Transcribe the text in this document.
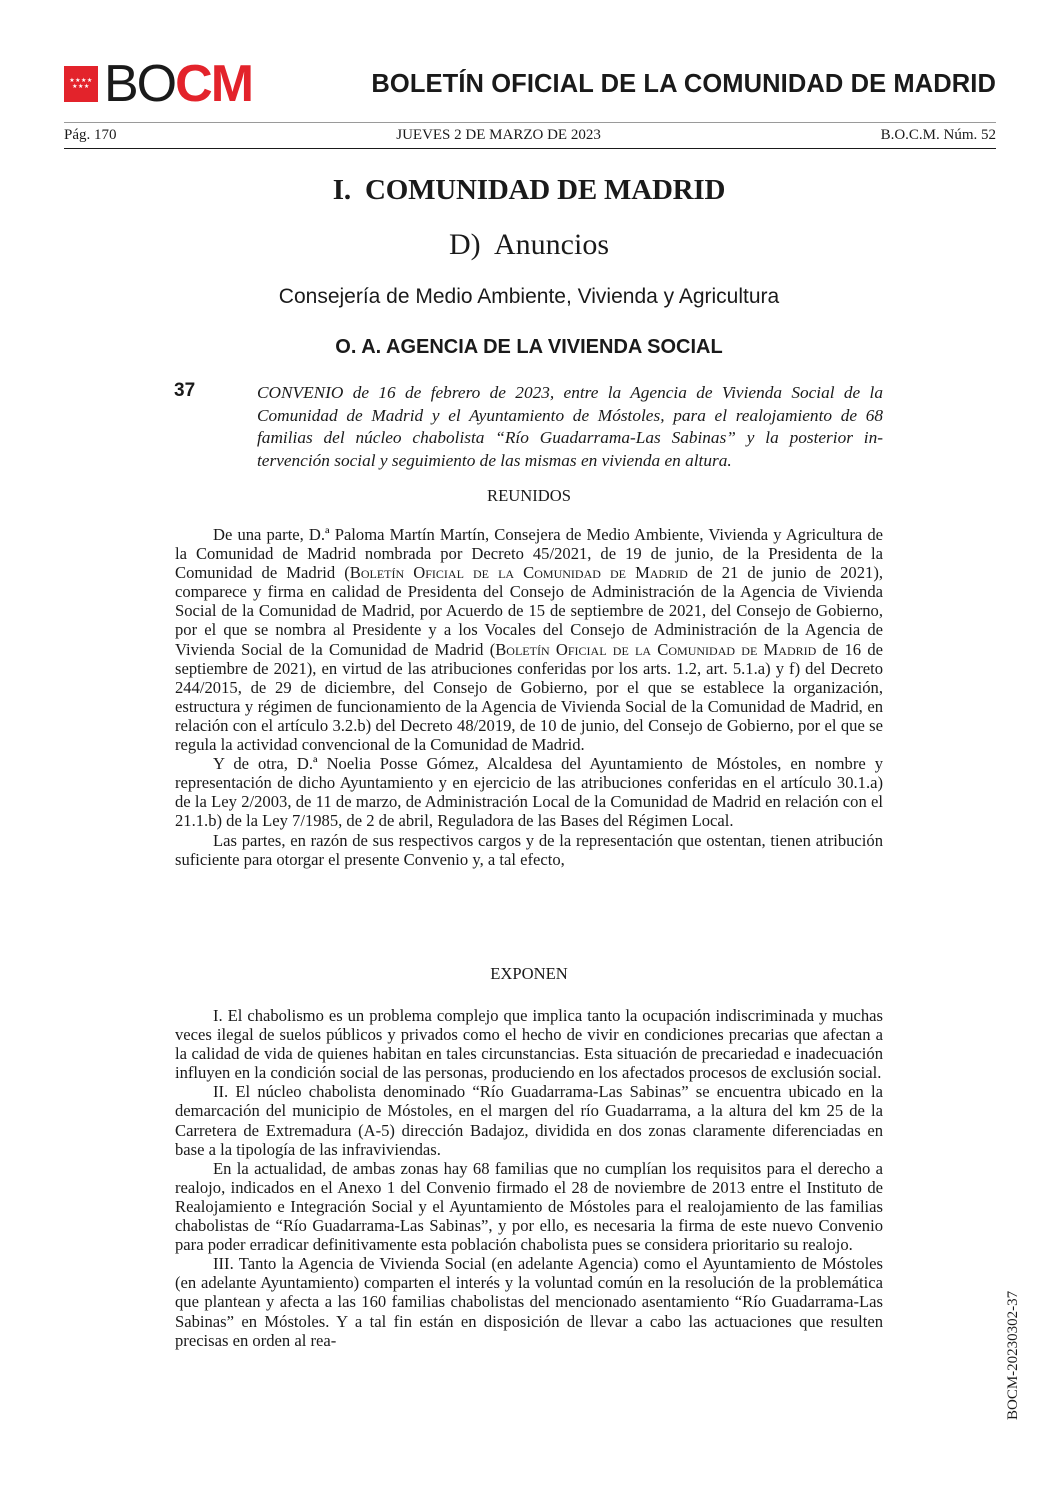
★★★★
★★★ BOCM	BOLETÍN OFICIAL DE LA COMUNIDAD DE MADRID
Pág. 170	JUEVES 2 DE MARZO DE 2023	B.O.C.M. Núm. 52
I.  COMUNIDAD DE MADRID
D)  Anuncios
Consejería de Medio Ambiente, Vivienda y Agricultura
O. A. AGENCIA DE LA VIVIENDA SOCIAL
37	CONVENIO de 16 de febrero de 2023, entre la Agencia de Vivienda Social de la Comunidad de Madrid y el Ayuntamiento de Móstoles, para el realojamiento de 68 familias del núcleo chabolista “Río Guadarrama-Las Sabinas” y la posterior intervención social y seguimiento de las mismas en vivienda en altura.
REUNIDOS

De una parte, D.ª Paloma Martín Martín, Consejera de Medio Ambiente, Vivienda y Agricultura de la Comunidad de Madrid nombrada por Decreto 45/2021, de 19 de junio, de la Presidenta de la Comunidad de Madrid (Boletín Oficial de la Comunidad de Madrid de 21 de junio de 2021), comparece y firma en calidad de Presidenta del Consejo de Administración de la Agencia de Vivienda Social de la Comunidad de Madrid, por Acuerdo de 15 de septiembre de 2021, del Consejo de Gobierno, por el que se nombra al Presidente y a los Vocales del Consejo de Administración de la Agencia de Vivienda Social de la Comunidad de Madrid (Boletín Oficial de la Comunidad de Madrid de 16 de septiembre de 2021), en virtud de las atribuciones conferidas por los arts. 1.2, art. 5.1.a) y f) del Decreto 244/2015, de 29 de diciembre, del Consejo de Gobierno, por el que se establece la organización, estructura y régimen de funcionamiento de la Agencia de Vivienda Social de la Comunidad de Madrid, en relación con el artículo 3.2.b) del Decreto 48/2019, de 10 de junio, del Consejo de Gobierno, por el que se regula la actividad convencional de la Comunidad de Madrid.

Y de otra, D.ª Noelia Posse Gómez, Alcaldesa del Ayuntamiento de Móstoles, en nombre y representación de dicho Ayuntamiento y en ejercicio de las atribuciones conferidas en el artículo 30.1.a) de la Ley 2/2003, de 11 de marzo, de Administración Local de la Comunidad de Madrid en relación con el 21.1.b) de la Ley 7/1985, de 2 de abril, Reguladora de las Bases del Régimen Local.

Las partes, en razón de sus respectivos cargos y de la representación que ostentan, tienen atribución suficiente para otorgar el presente Convenio y, a tal efecto,

EXPONEN

I. El chabolismo es un problema complejo que implica tanto la ocupación indiscriminada y muchas veces ilegal de suelos públicos y privados como el hecho de vivir en condiciones precarias que afectan a la calidad de vida de quienes habitan en tales circunstancias. Esta situación de precariedad e inadecuación influyen en la condición social de las personas, produciendo en los afectados procesos de exclusión social.

II. El núcleo chabolista denominado “Río Guadarrama-Las Sabinas” se encuentra ubicado en la demarcación del municipio de Móstoles, en el margen del río Guadarrama, a la altura del km 25 de la Carretera de Extremadura (A-5) dirección Badajoz, dividida en dos zonas claramente diferenciadas en base a la tipología de las infraviviendas.

En la actualidad, de ambas zonas hay 68 familias que no cumplían los requisitos para el derecho a realojo, indicados en el Anexo 1 del Convenio firmado el 28 de noviembre de 2013 entre el Instituto de Realojamiento e Integración Social y el Ayuntamiento de Móstoles para el realojamiento de las familias chabolistas de “Río Guadarrama-Las Sabinas”, y por ello, es necesaria la firma de este nuevo Convenio para poder erradicar definitivamente esta población chabolista pues se considera prioritario su realojo.

III. Tanto la Agencia de Vivienda Social (en adelante Agencia) como el Ayuntamiento de Móstoles (en adelante Ayuntamiento) comparten el interés y la voluntad común en la resolución de la problemática que plantean y afecta a las 160 familias chabolistas del mencionado asentamiento “Río Guadarrama-Las Sabinas” en Móstoles. Y a tal fin están en disposición de llevar a cabo las actuaciones que resulten precisas en orden al rea-	BOCM-20230302-37
